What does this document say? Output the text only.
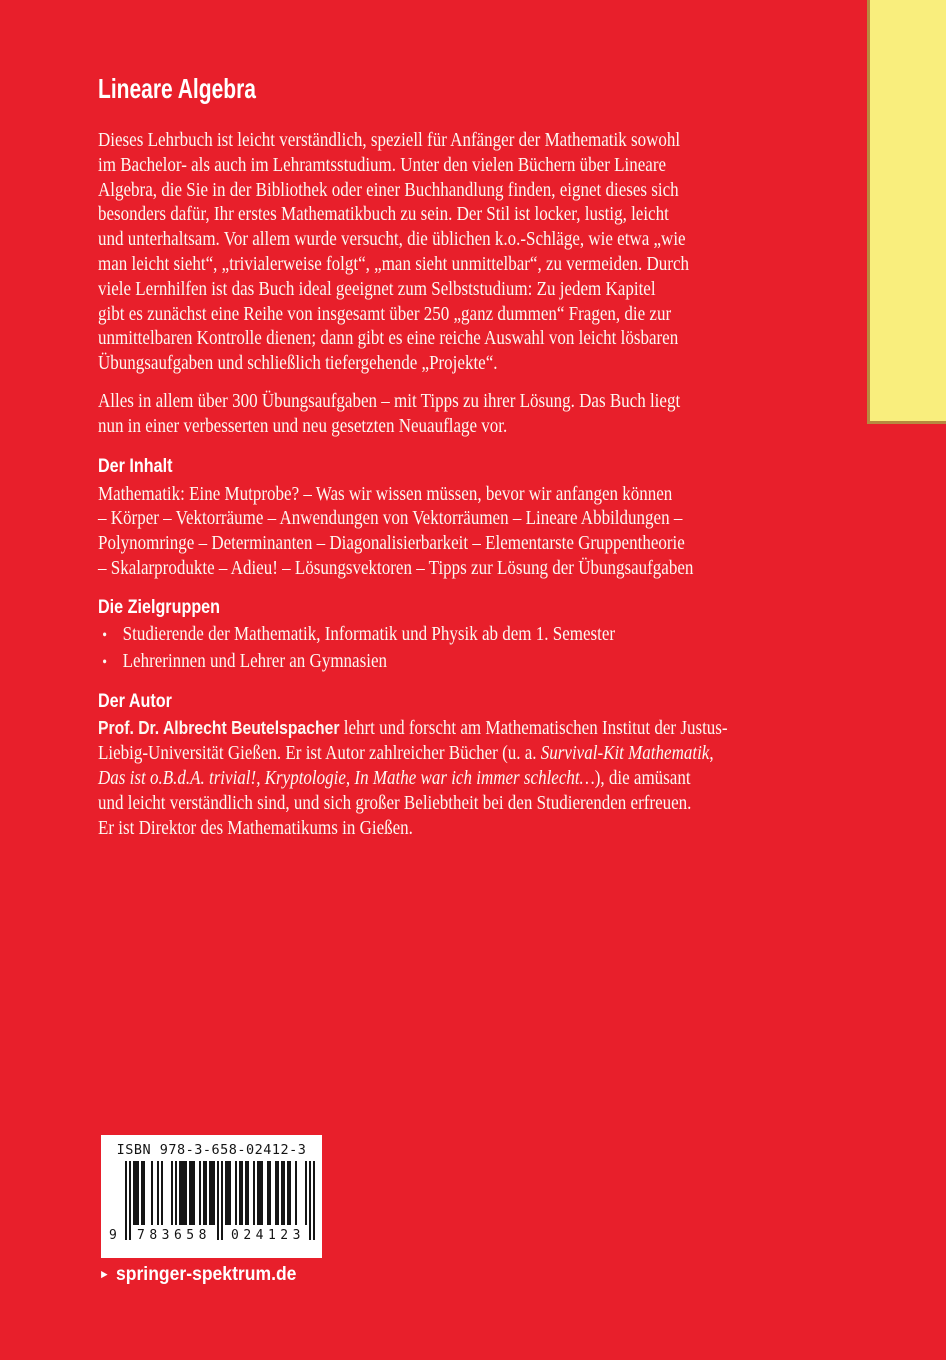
Lineare Algebra
Dieses Lehrbuch ist leicht verständlich, speziell für Anfänger der Mathematik sowohl
im Bachelor- als auch im Lehramtsstudium. Unter den vielen Büchern über Lineare
Algebra, die Sie in der Bibliothek oder einer Buchhandlung finden, eignet dieses sich
besonders dafür, Ihr erstes Mathematikbuch zu sein. Der Stil ist locker, lustig, leicht
und unterhaltsam. Vor allem wurde versucht, die üblichen k.o.-Schläge, wie etwa „wie
man leicht sieht“, „trivialerweise folgt“, „man sieht unmittelbar“, zu vermeiden. Durch
viele Lernhilfen ist das Buch ideal geeignet zum Selbststudium: Zu jedem Kapitel
gibt es zunächst eine Reihe von insgesamt über 250 „ganz dummen“ Fragen, die zur
unmittelbaren Kontrolle dienen; dann gibt es eine reiche Auswahl von leicht lösbaren
Übungsaufgaben und schließlich tiefergehende „Projekte“.
Alles in allem über 300 Übungsaufgaben – mit Tipps zu ihrer Lösung. Das Buch liegt
nun in einer verbesserten und neu gesetzten Neuauflage vor.
Der Inhalt
Mathematik: Eine Mutprobe? – Was wir wissen müssen, bevor wir anfangen können
– Körper – Vektorräume – Anwendungen von Vektorräumen – Lineare Abbildungen –
Polynomringe – Determinanten – Diagonalisierbarkeit – Elementarste Gruppentheorie
– Skalarprodukte – Adieu! – Lösungsvektoren – Tipps zur Lösung der Übungsaufgaben
Die Zielgruppen
• Studierende der Mathematik, Informatik und Physik ab dem 1. Semester
• Lehrerinnen und Lehrer an Gymnasien
Der Autor
Prof. Dr. Albrecht Beutelspacher lehrt und forscht am Mathematischen Institut der Justus-
Liebig-Universität Gießen. Er ist Autor zahlreicher Bücher (u. a. Survival-Kit Mathematik,
Das ist o.B.d.A. trivial!, Kryptologie, In Mathe war ich immer schlecht…), die amüsant
und leicht verständlich sind, und sich großer Beliebtheit bei den Studierenden erfreuen.
Er ist Direktor des Mathematikums in Gießen.
ISBN 978-3-658-02412-3
9 783658 024123
► springer-spektrum.de
